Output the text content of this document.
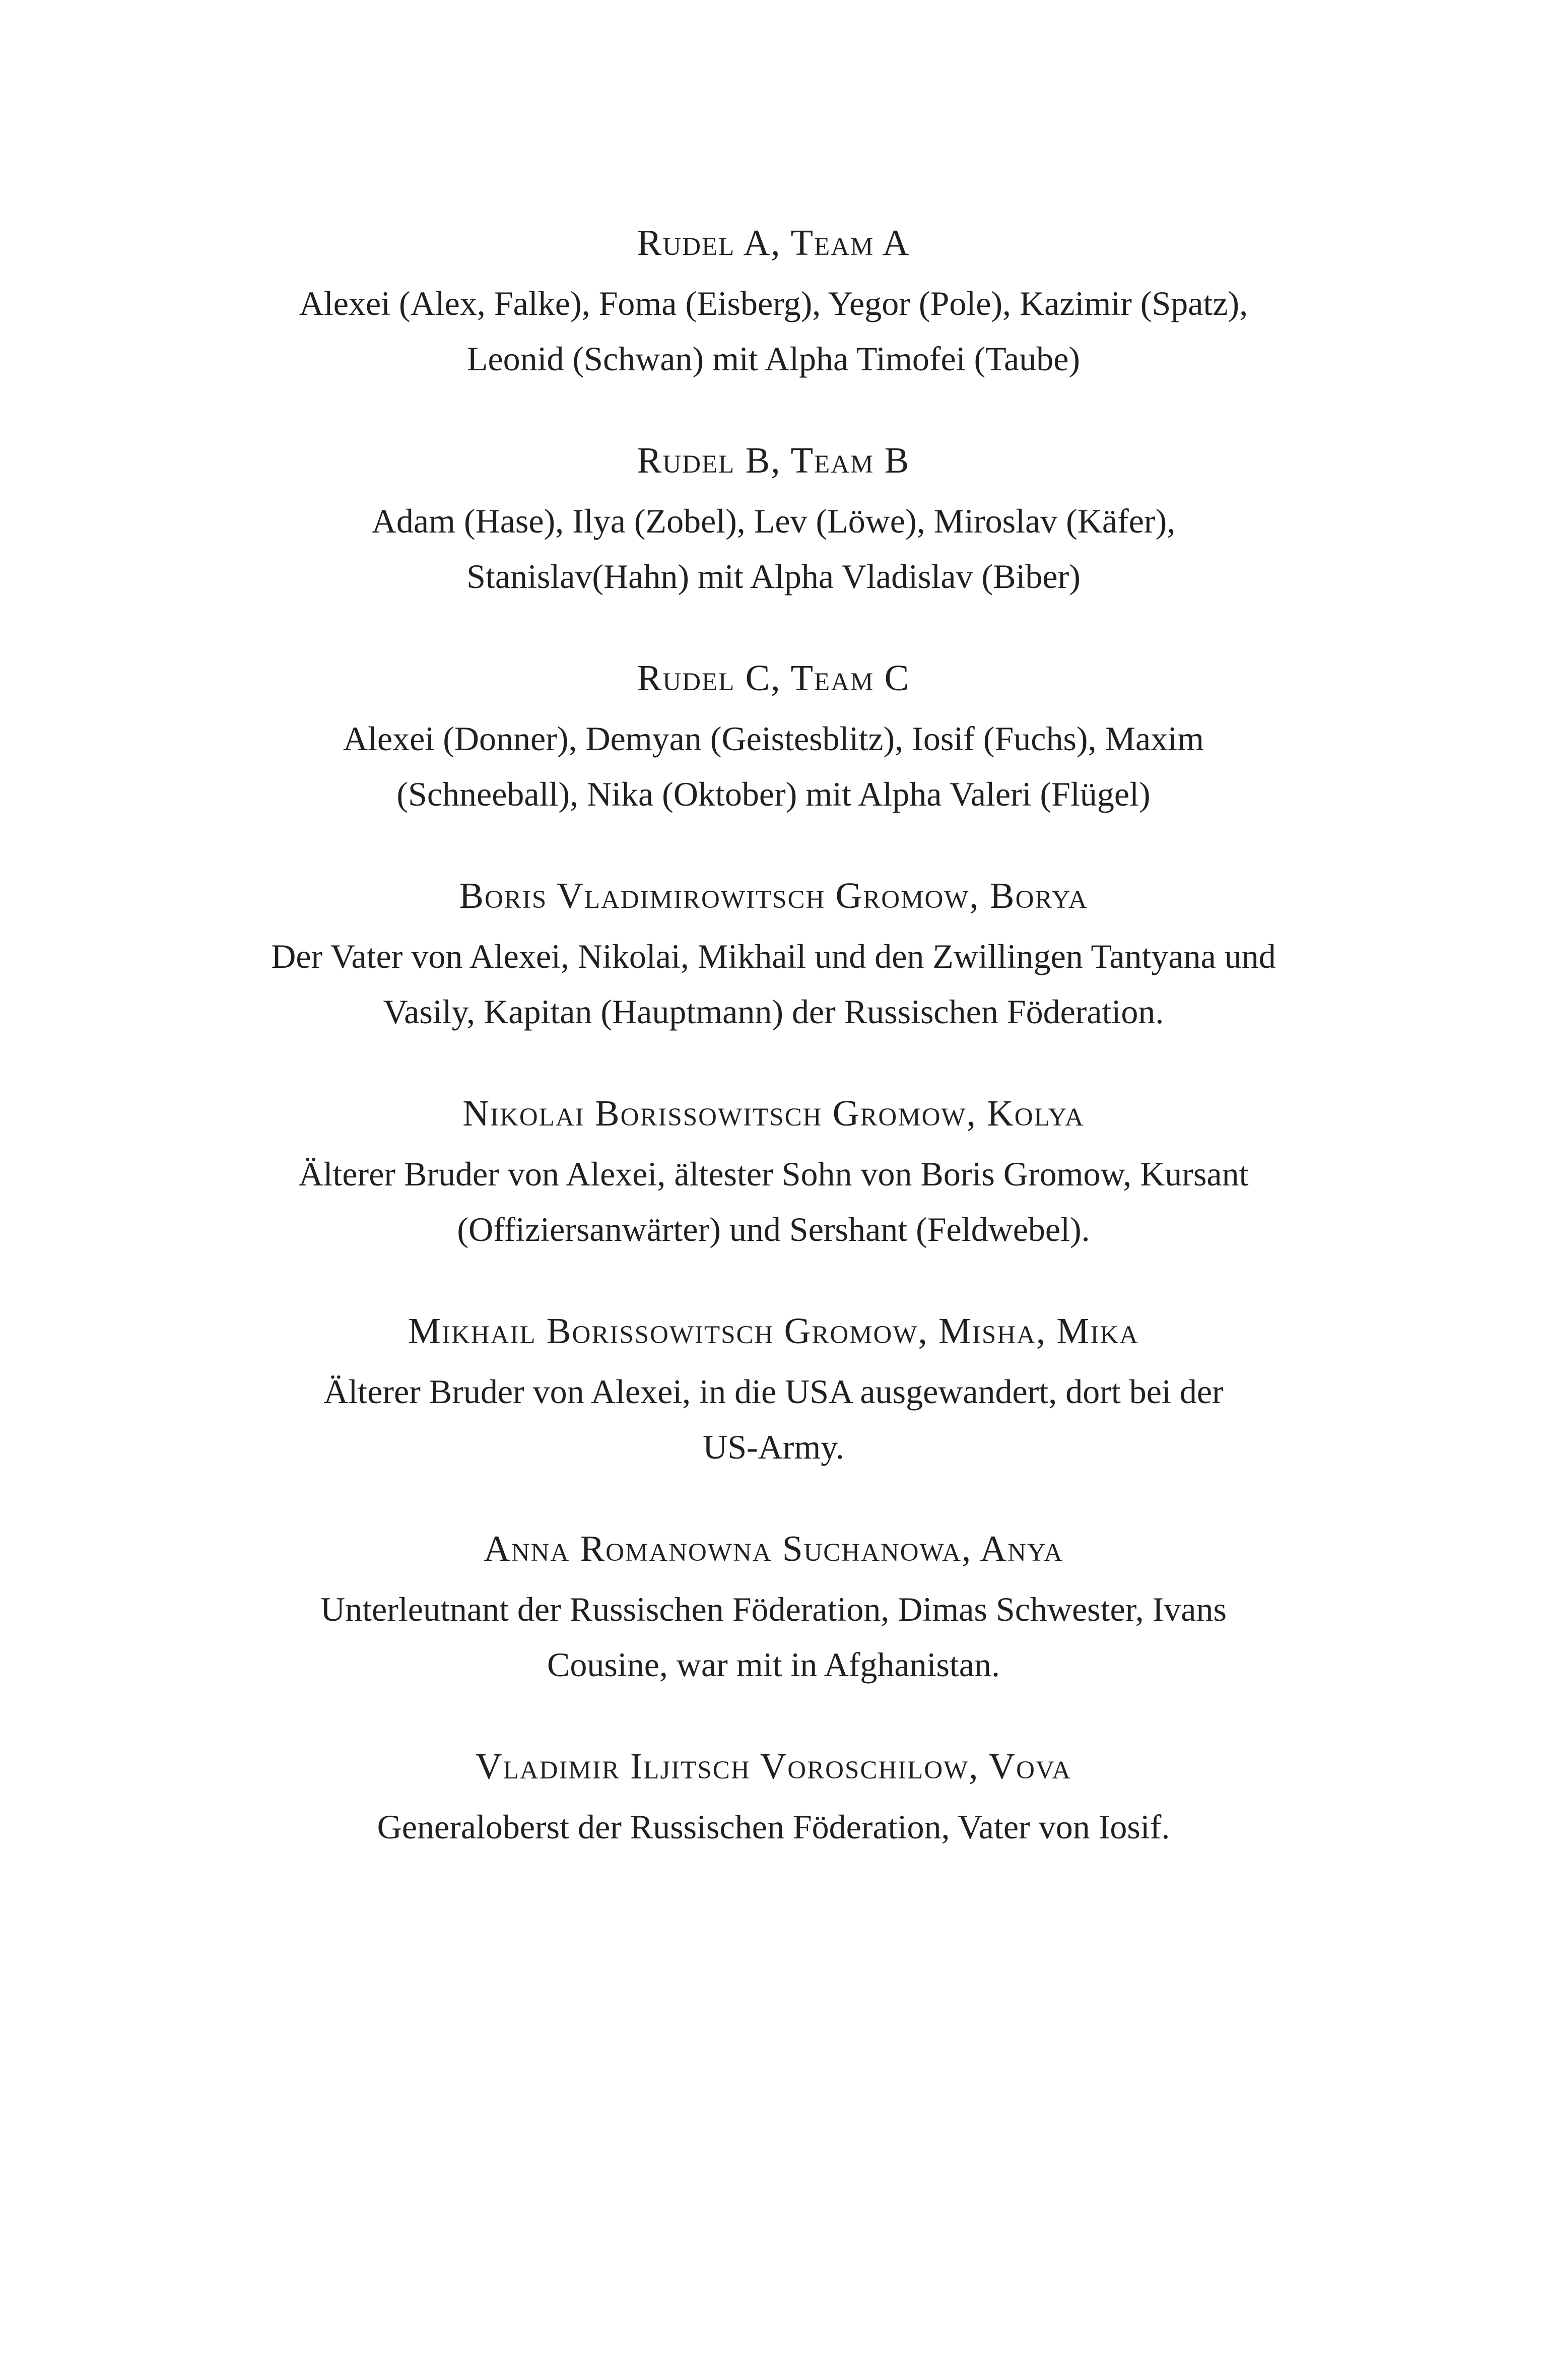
Rudel A, Team A

Alexei (Alex, Falke), Foma (Eisberg), Yegor (Pole), Kazimir (Spatz),
Leonid (Schwan) mit Alpha Timofei (Taube)

Rudel B, Team B

Adam (Hase), Ilya (Zobel), Lev (Löwe), Miroslav (Käfer),
Stanislav(Hahn) mit Alpha Vladislav (Biber)

Rudel C, Team C

Alexei (Donner), Demyan (Geistesblitz), Iosif (Fuchs), Maxim
(Schneeball), Nika (Oktober) mit Alpha Valeri (Flügel)

Boris Vladimirowitsch Gromow, Borya

Der Vater von Alexei, Nikolai, Mikhail und den Zwillingen Tantyana und
Vasily, Kapitan (Hauptmann) der Russischen Föderation.

Nikolai Borissowitsch Gromow, Kolya

Älterer Bruder von Alexei, ältester Sohn von Boris Gromow, Kursant
(Offiziersanwärter) und Sershant (Feldwebel).

Mikhail Borissowitsch Gromow, Misha, Mika

Älterer Bruder von Alexei, in die USA ausgewandert, dort bei der
US-Army.

Anna Romanowna Suchanowa, Anya

Unterleutnant der Russischen Föderation, Dimas Schwester, Ivans
Cousine, war mit in Afghanistan.

Vladimir Iljitsch Voroschilow, Vova

Generaloberst der Russischen Föderation, Vater von Iosif.
